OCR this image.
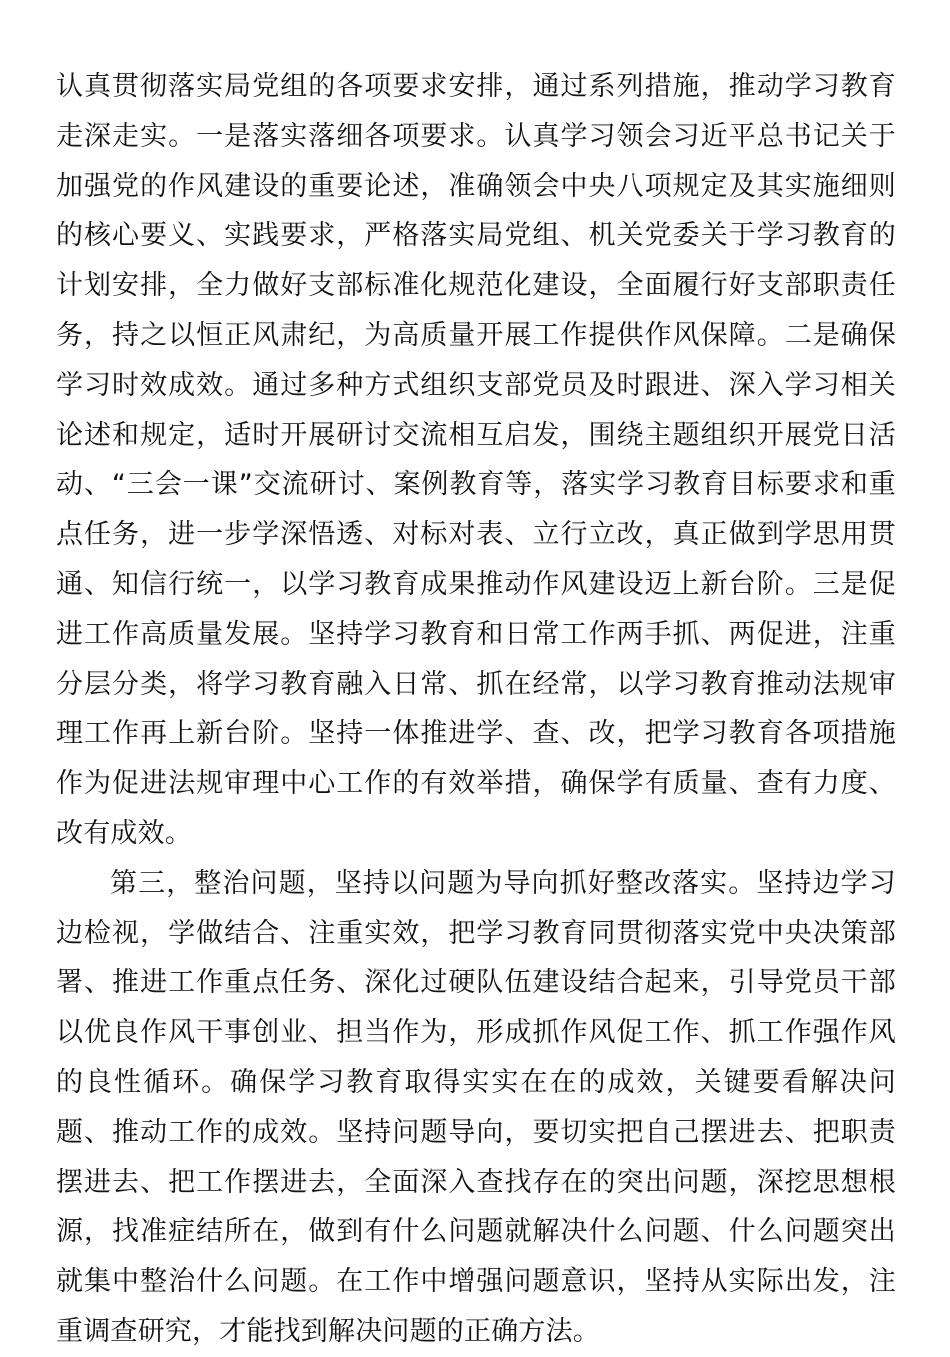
认真贯彻落实局党组的各项要求安排，通过系列措施，推动学习教育走深走实。一是落实落细各项要求。认真学习领会习近平总书记关于加强党的作风建设的重要论述，准确领会中央八项规定及其实施细则的核心要义、实践要求，严格落实局党组、机关党委关于学习教育的计划安排，全力做好支部标准化规范化建设，全面履行好支部职责任务，持之以恒正风肃纪，为高质量开展工作提供作风保障。二是确保学习时效成效。通过多种方式组织支部党员及时跟进、深入学习相关论述和规定，适时开展研讨交流相互启发，围绕主题组织开展党日活动、“三会一课”交流研讨、案例教育等，落实学习教育目标要求和重点任务，进一步学深悟透、对标对表、立行立改，真正做到学思用贯通、知信行统一，以学习教育成果推动作风建设迈上新台阶。三是促进工作高质量发展。坚持学习教育和日常工作两手抓、两促进，注重分层分类，将学习教育融入日常、抓在经常，以学习教育推动法规审理工作再上新台阶。坚持一体推进学、查、改，把学习教育各项措施作为促进法规审理中心工作的有效举措，确保学有质量、查有力度、改有成效。

第三，整治问题，坚持以问题为导向抓好整改落实。坚持边学习边检视，学做结合、注重实效，把学习教育同贯彻落实党中央决策部署、推进工作重点任务、深化过硬队伍建设结合起来，引导党员干部以优良作风干事创业、担当作为，形成抓作风促工作、抓工作强作风的良性循环。确保学习教育取得实实在在的成效，关键要看解决问题、推动工作的成效。坚持问题导向，要切实把自己摆进去、把职责摆进去、把工作摆进去，全面深入查找存在的突出问题，深挖思想根源，找准症结所在，做到有什么问题就解决什么问题、什么问题突出就集中整治什么问题。在工作中增强问题意识，坚持从实际出发，注重调查研究，才能找到解决问题的正确方法。
